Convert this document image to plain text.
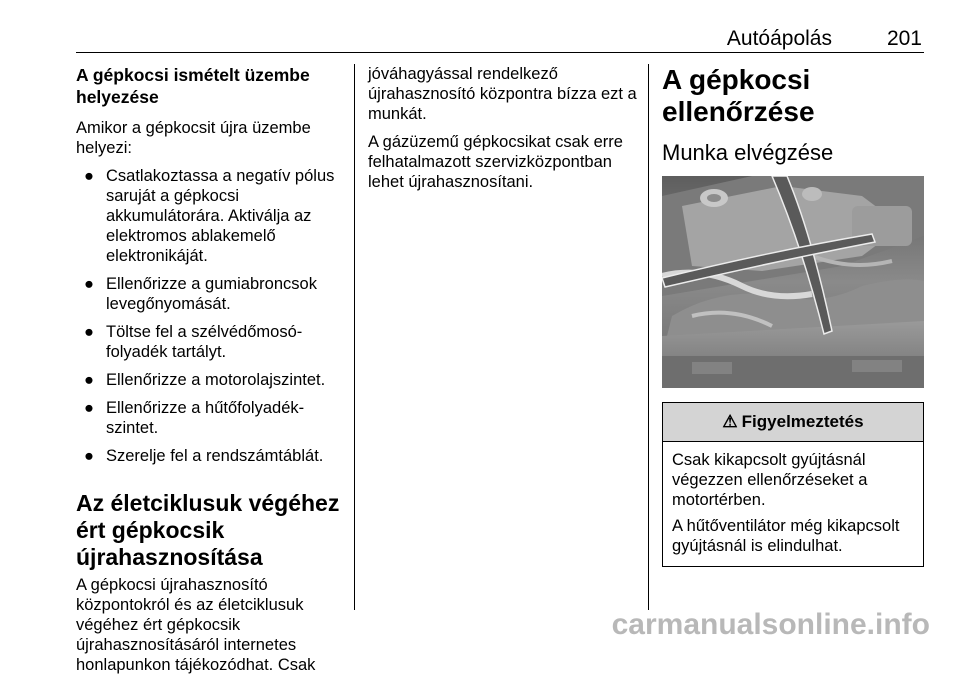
Autóápolás	201
A gépkocsi ismételt üzembe helyezése

Amikor a gépkocsit újra üzembe helyezi:

● Csatlakoztassa a negatív pólus saruját a gépkocsi akkumulátorára. Aktiválja az elektromos ablakemelő elektronikáját.
● Ellenőrizze a gumiabroncsok levegőnyomását.
● Töltse fel a szélvédőmosó-folyadék tartályt.
● Ellenőrizze a motorolajszintet.
● Ellenőrizze a hűtőfolyadék-szintet.
● Szerelje fel a rendszámtáblát.
Az életciklusuk végéhez ért gépkocsik újrahasznosítása

A gépkocsi újrahasznosító központokról és az életciklusuk végéhez ért gépkocsik újrahasznosításáról internetes honlapunkon tájékozódhat. Csak

jóváhagyással rendelkező újrahasznosító központra bízza ezt a munkát.

A gázüzemű gépkocsikat csak erre felhatalmazott szervizközpontban lehet újrahasznosítani.

A gépkocsi ellenőrzése
Munka elvégzése
⚠ Figyelmeztetés

Csak kikapcsolt gyújtásnál végezzen ellenőrzéseket a motortérben.

A hűtőventilátor még kikapcsolt gyújtásnál is elindulhat.

carmanualsonline.info
